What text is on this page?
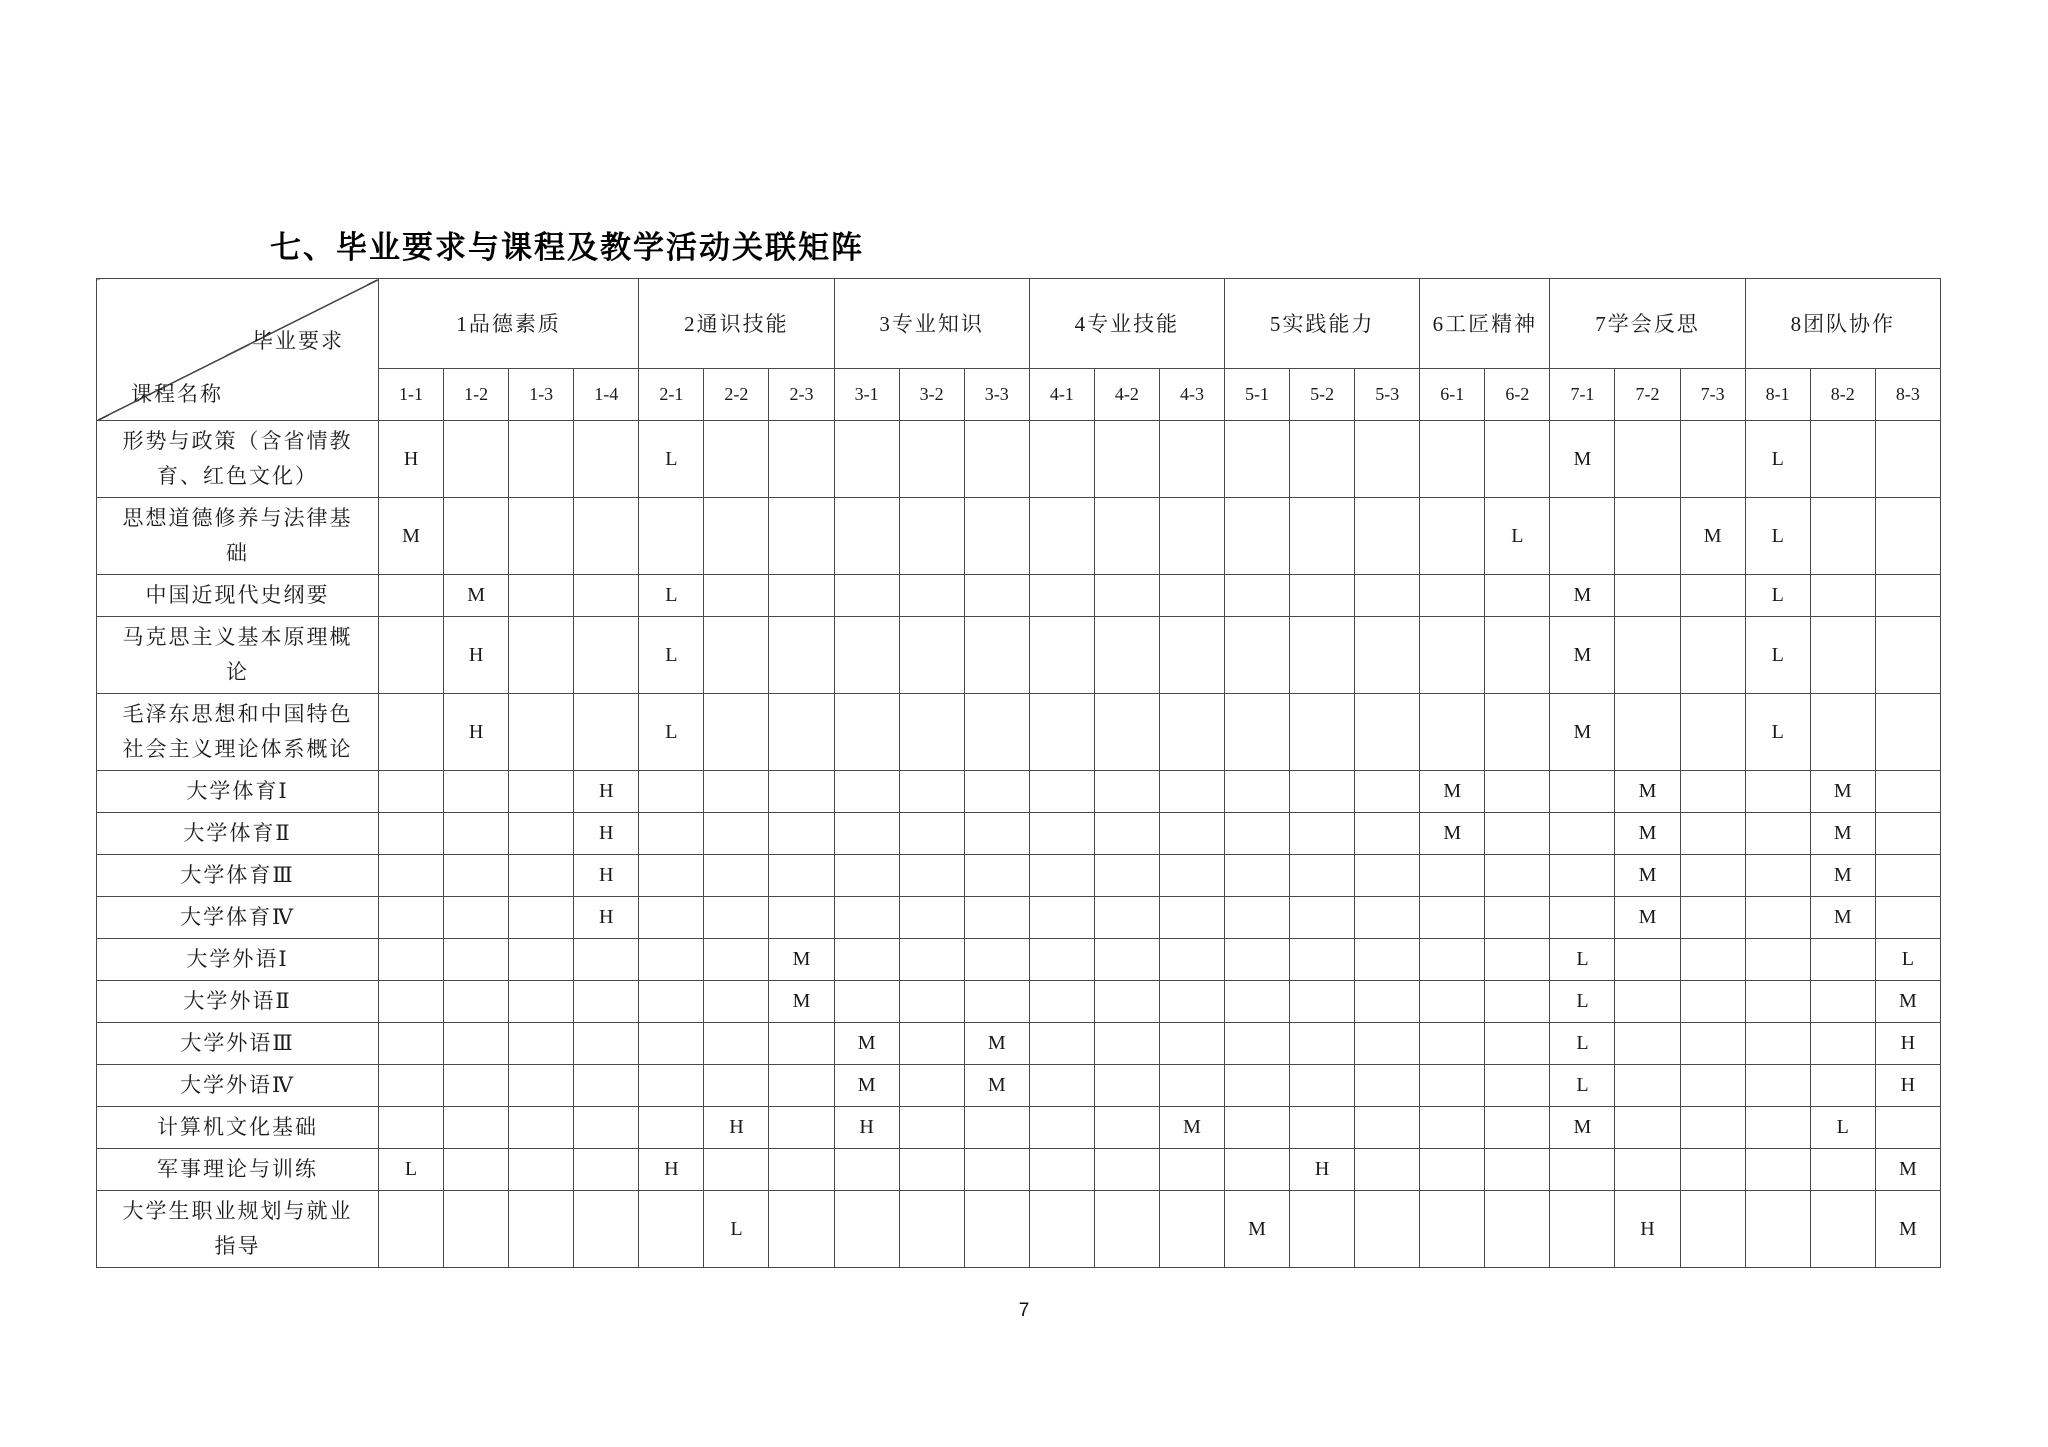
七、毕业要求与课程及教学活动关联矩阵
毕业要求
课程名称	1品德素质				2通识技能			3专业知识			4专业技能			5实践能力			6工匠精神		7学会反思			8团队协作		
	1-1	1-2	1-3	1-4	2-1	2-2	2-3	3-1	3-2	3-3	4-1	4-2	4-3	5-1	5-2	5-3	6-1	6-2	7-1	7-2	7-3	8-1	8-2	8-3
形势与政策（含省情教育、红色文化）	H				L														M			L		
思想道德修养与法律基础	M																	L			M	L		
中国近现代史纲要		M			L														M			L		
马克思主义基本原理概论		H			L														M			L		
毛泽东思想和中国特色社会主义理论体系概论		H			L														M			L		
大学体育Ⅰ				H													M			M			M	
大学体育Ⅱ				H													M			M			M	
大学体育Ⅲ				H																M			M	
大学体育Ⅳ				H																M			M	
大学外语Ⅰ							M												L					L
大学外语Ⅱ							M												L					M
大学外语Ⅲ								M		M									L					H
大学外语Ⅳ								M		M									L					H
计算机文化基础						H		H					M						M				L	
军事理论与训练	L				H										H									M
大学生职业规划与就业指导						L								M						H				M
7
